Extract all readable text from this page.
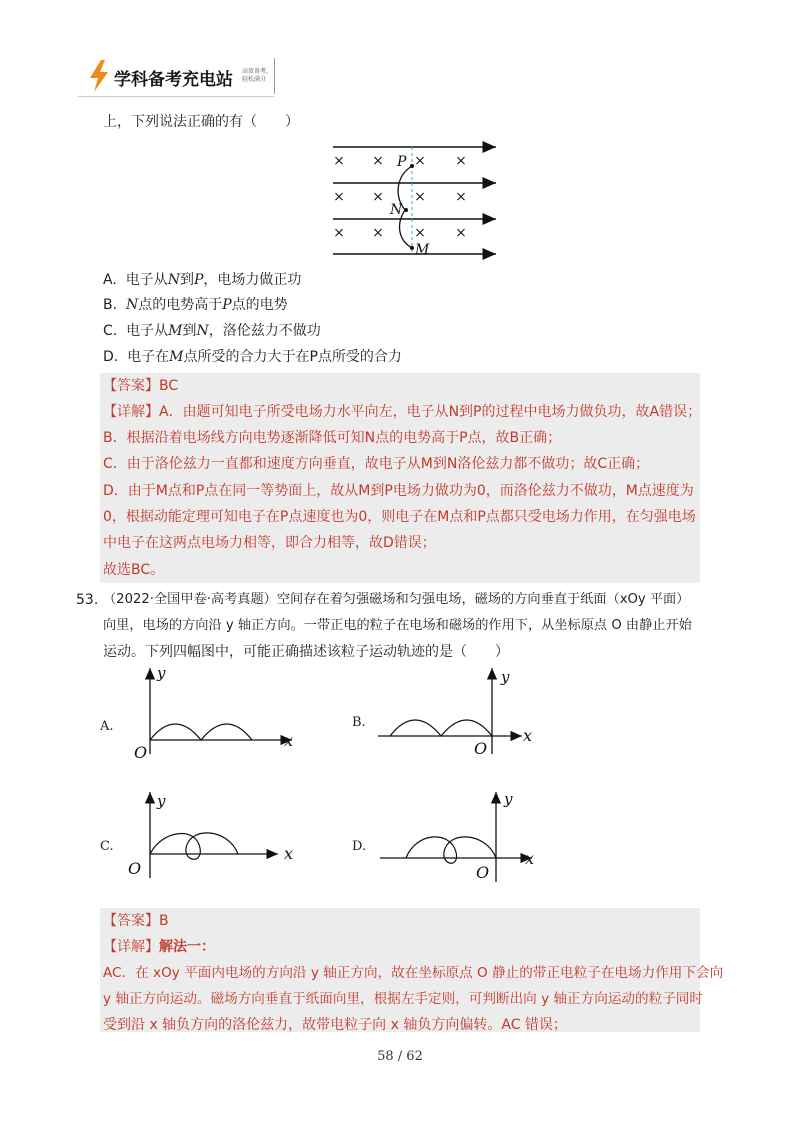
学科备考充电站 高效备考，
轻松满分
上，下列说法正确的有（　　）
× × × ×
× × × ×
× × × ×
P
N
M
A. 电子从N到P，电场力做正功
B. N点的电势高于P点的电势
C. 电子从M到N，洛伦兹力不做功
D. 电子在M点所受的合力大于在P点所受的合力
【答案】BC
【详解】A．由题可知电子所受电场力水平向左，电子从N到P的过程中电场力做负功，故A错误；
B．根据沿着电场线方向电势逐渐降低可知N点的电势高于P点，故B正确；
C．由于洛伦兹力一直都和速度方向垂直，故电子从M到N洛伦兹力都不做功；故C正确；
D．由于M点和P点在同一等势面上，故从M到P电场力做功为0，而洛伦兹力不做功，M点速度为
0，根据动能定理可知电子在P点速度也为0，则电子在M点和P点都只受电场力作用，在匀强电场
中电子在这两点电场力相等，即合力相等，故D错误；
故选BC。
53. （2022·全国甲卷·高考真题）空间存在着匀强磁场和匀强电场，磁场的方向垂直于纸面（xOy 平面）
向里，电场的方向沿 y 轴正方向。一带正电的粒子在电场和磁场的作用下，从坐标原点 O 由静止开始
运动。下列四幅图中，可能正确描述该粒子运动轨迹的是（　　）
A.
y
O
x
B.
y
O
x
C.
y
O
x	D.
y
O
x
【答案】B
【详解】解法一：
AC．在 xOy 平面内电场的方向沿 y 轴正方向，故在坐标原点 O 静止的带正电粒子在电场力作用下会向
y 轴正方向运动。磁场方向垂直于纸面向里，根据左手定则，可判断出向 y 轴正方向运动的粒子同时
受到沿 x 轴负方向的洛伦兹力，故带电粒子向 x 轴负方向偏转。AC 错误；
58 / 62
